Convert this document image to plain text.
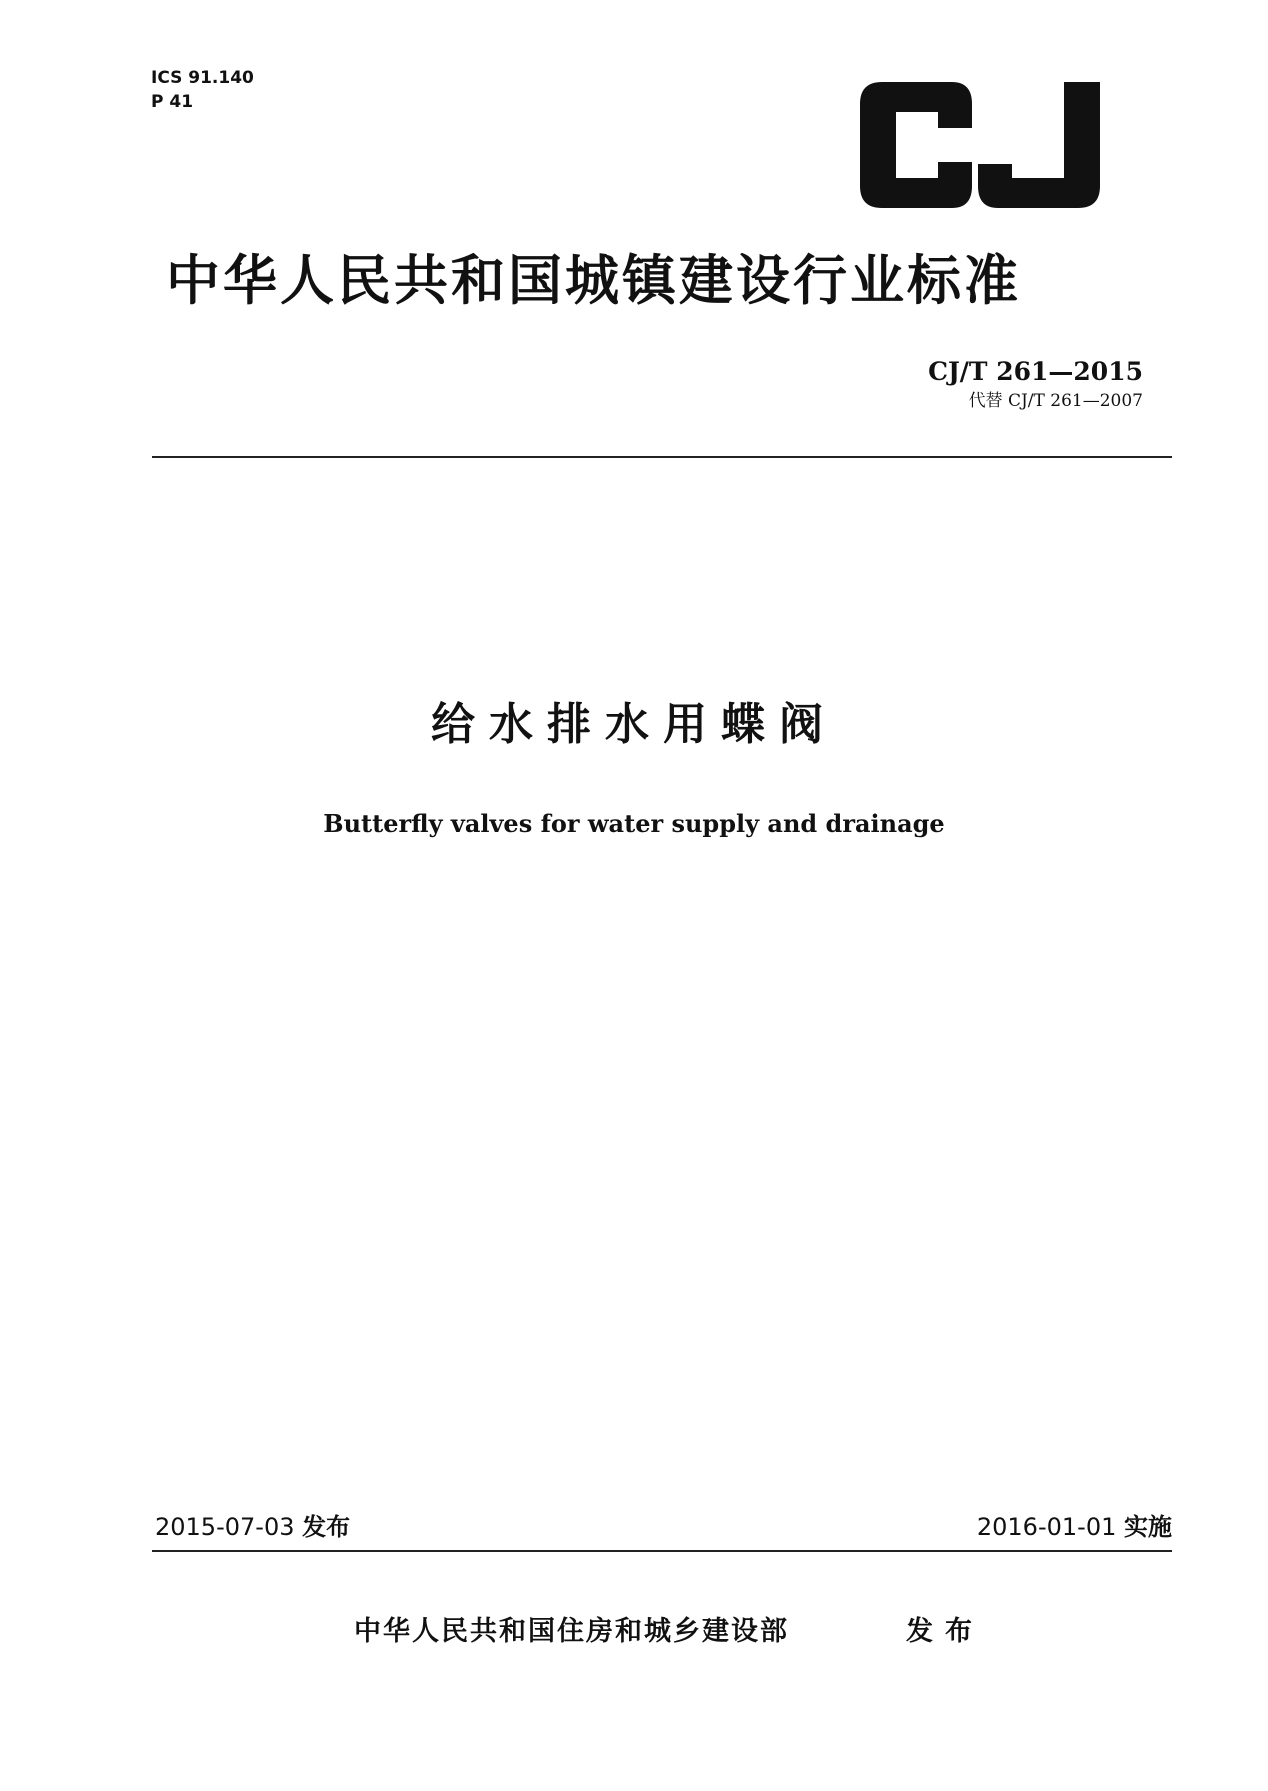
ICS 91.140
P 41
中华人民共和国城镇建设行业标准
CJ/T 261—2015
代替 CJ/T 261—2007
给水排水用蝶阀
Butterfly valves for water supply and drainage
2015-07-03 发布	2016-01-01 实施
中华人民共和国住房和城乡建设部	发布
